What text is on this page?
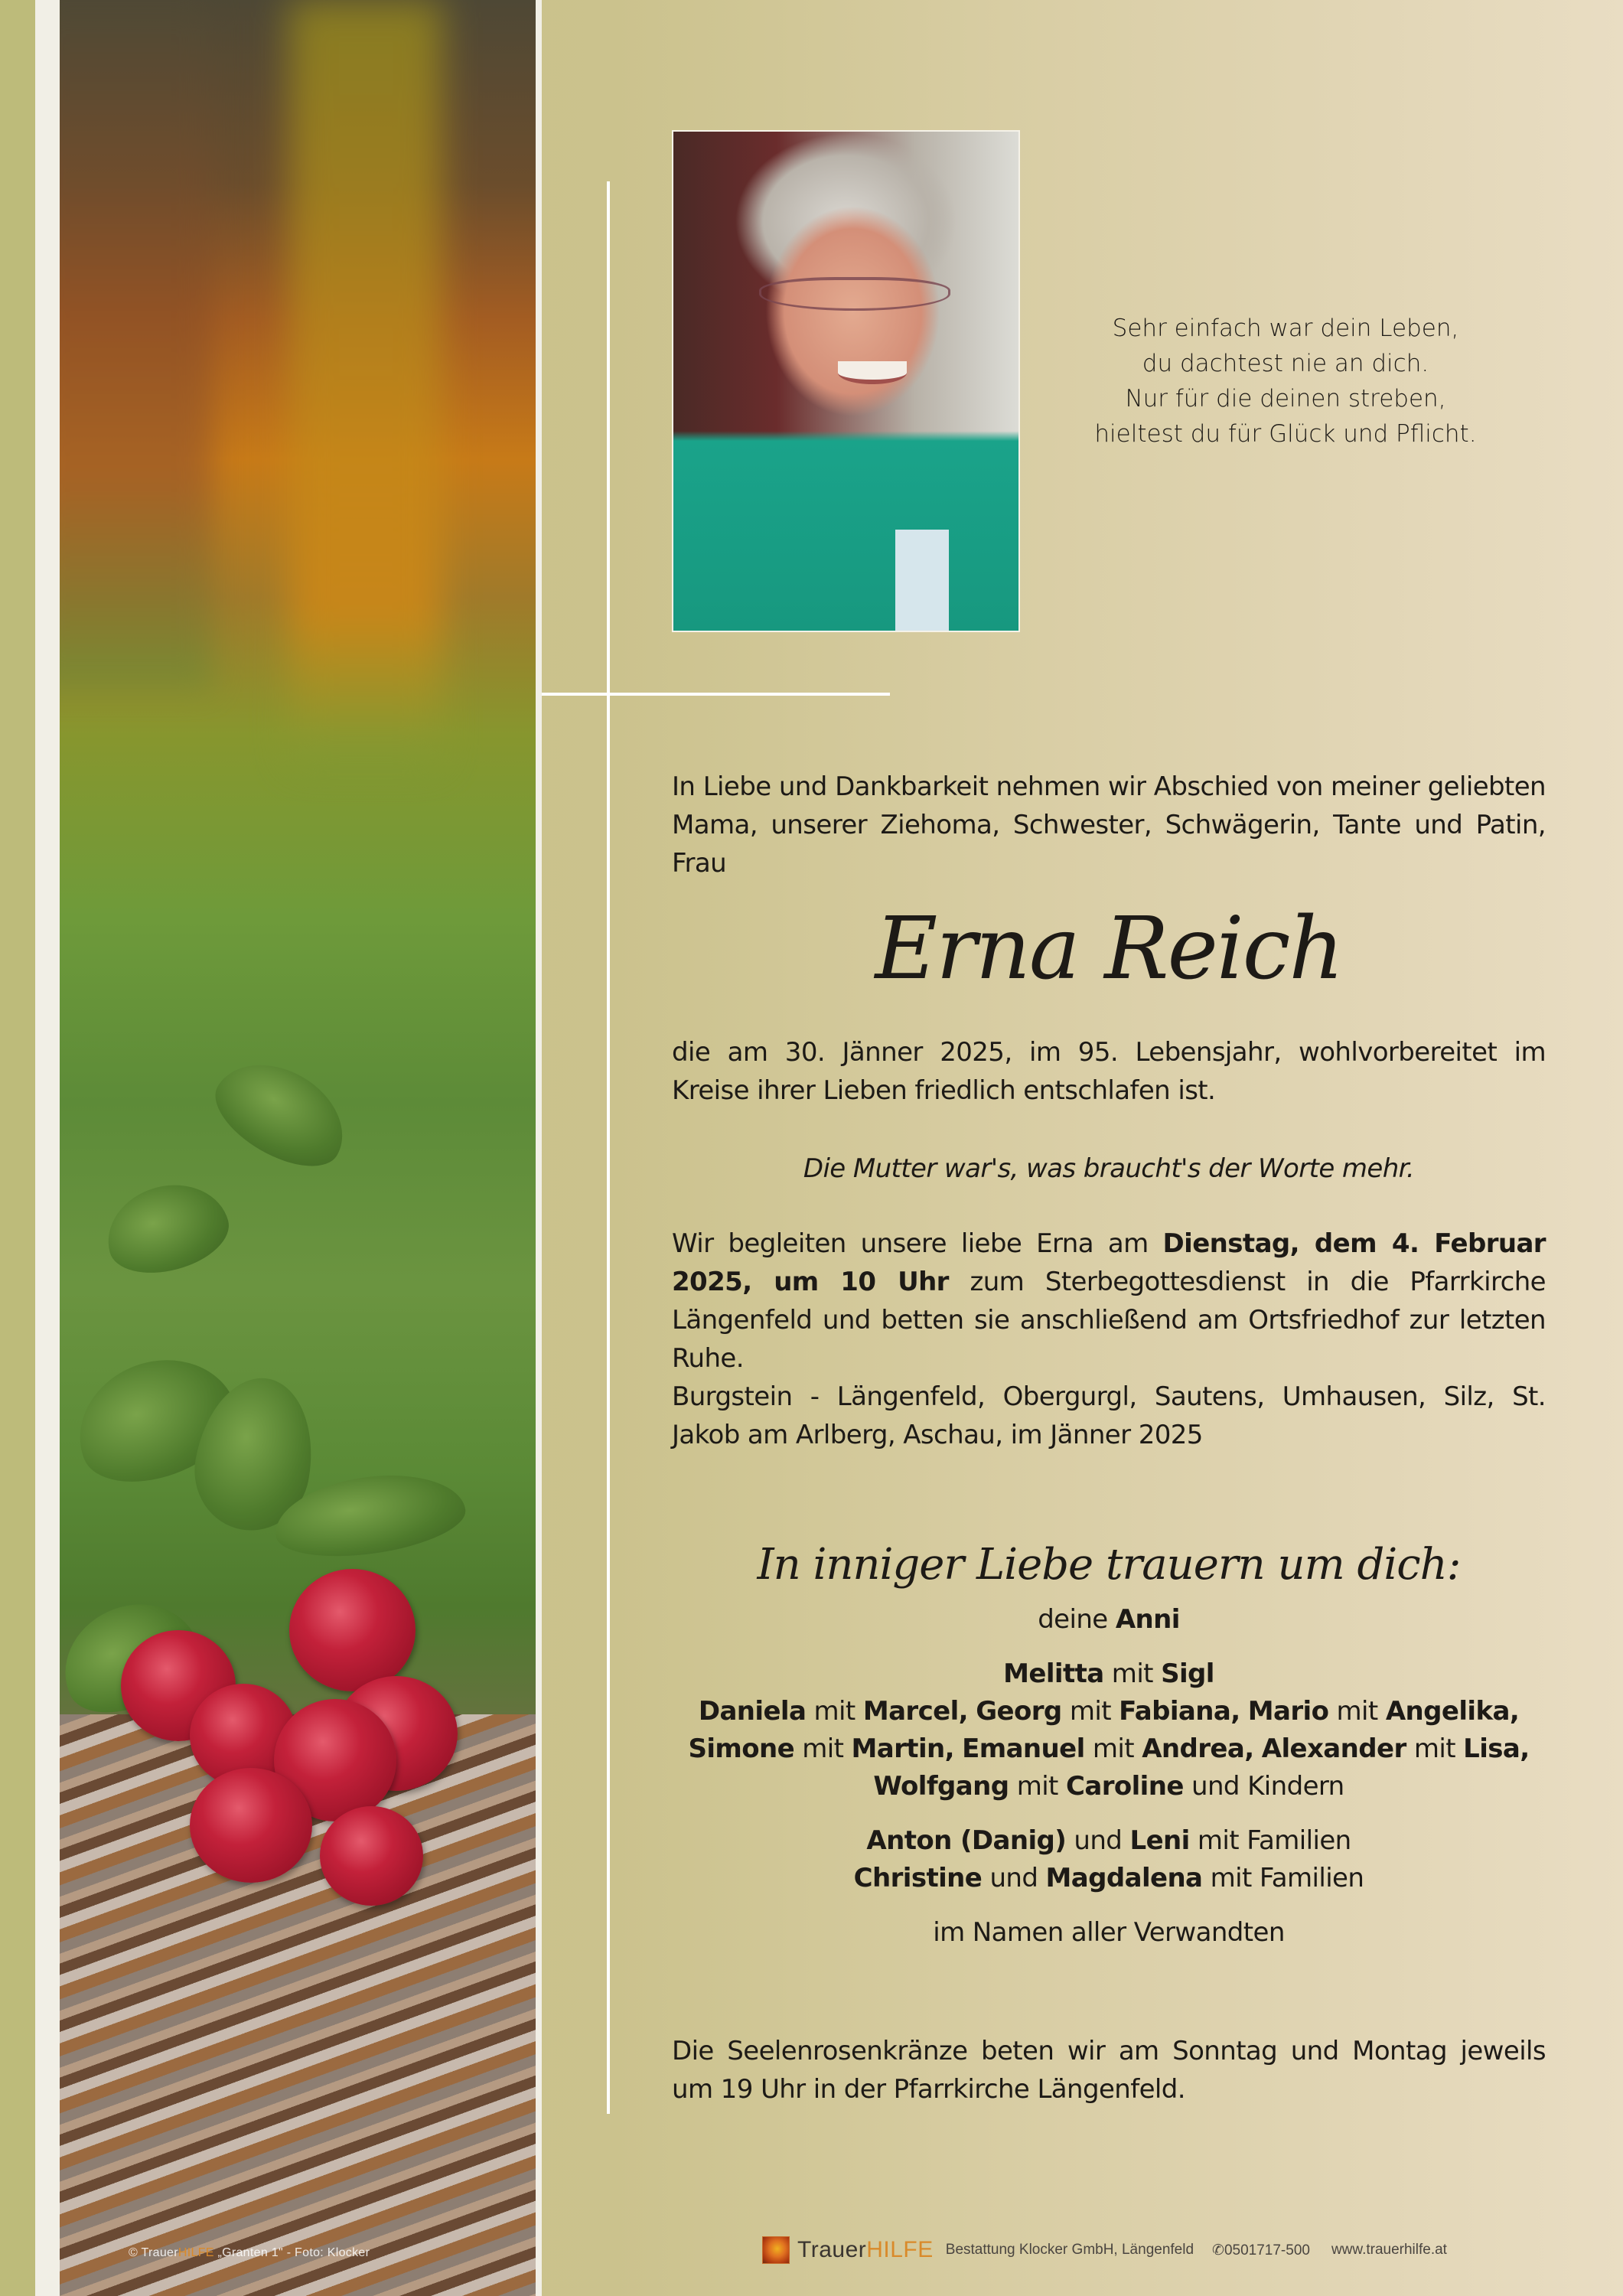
© TrauerHILFE „Granten 1" - Foto: Klocker
Sehr einfach war dein Leben,
du dachtest nie an dich.
Nur für die deinen streben,
hieltest du für Glück und Pflicht.
In Liebe und Dankbarkeit nehmen wir Abschied von meiner geliebten Mama, unserer Ziehoma, Schwester, Schwägerin, Tante und Patin,
Frau
Erna Reich
die am 30. Jänner 2025, im 95. Lebensjahr, wohlvorbereitet im Kreise ihrer Lieben friedlich entschlafen ist.
Die Mutter war's, was braucht's der Worte mehr.
Wir begleiten unsere liebe Erna am Dienstag, dem 4. Februar 2025, um 10 Uhr zum Sterbegottesdienst in die Pfarrkirche Längenfeld und betten sie anschließend am Ortsfriedhof zur letzten Ruhe.
Burgstein - Längenfeld, Obergurgl, Sautens, Umhausen, Silz, St. Jakob am Arlberg, Aschau, im Jänner 2025
In inniger Liebe trauern um dich:
deine Anni
Melitta mit Sigl
Daniela mit Marcel, Georg mit Fabiana, Mario mit Angelika,
Simone mit Martin, Emanuel mit Andrea, Alexander mit Lisa,
Wolfgang mit Caroline und Kindern
Anton (Danig) und Leni mit Familien
Christine und Magdalena mit Familien
im Namen aller Verwandten
Die Seelenrosenkränze beten wir am Sonntag und Montag jeweils um 19 Uhr in der Pfarrkirche Längenfeld.
TrauerHILFE Bestattung Klocker GmbH, Längenfeld ✆0501717-500 www.trauerhilfe.at
